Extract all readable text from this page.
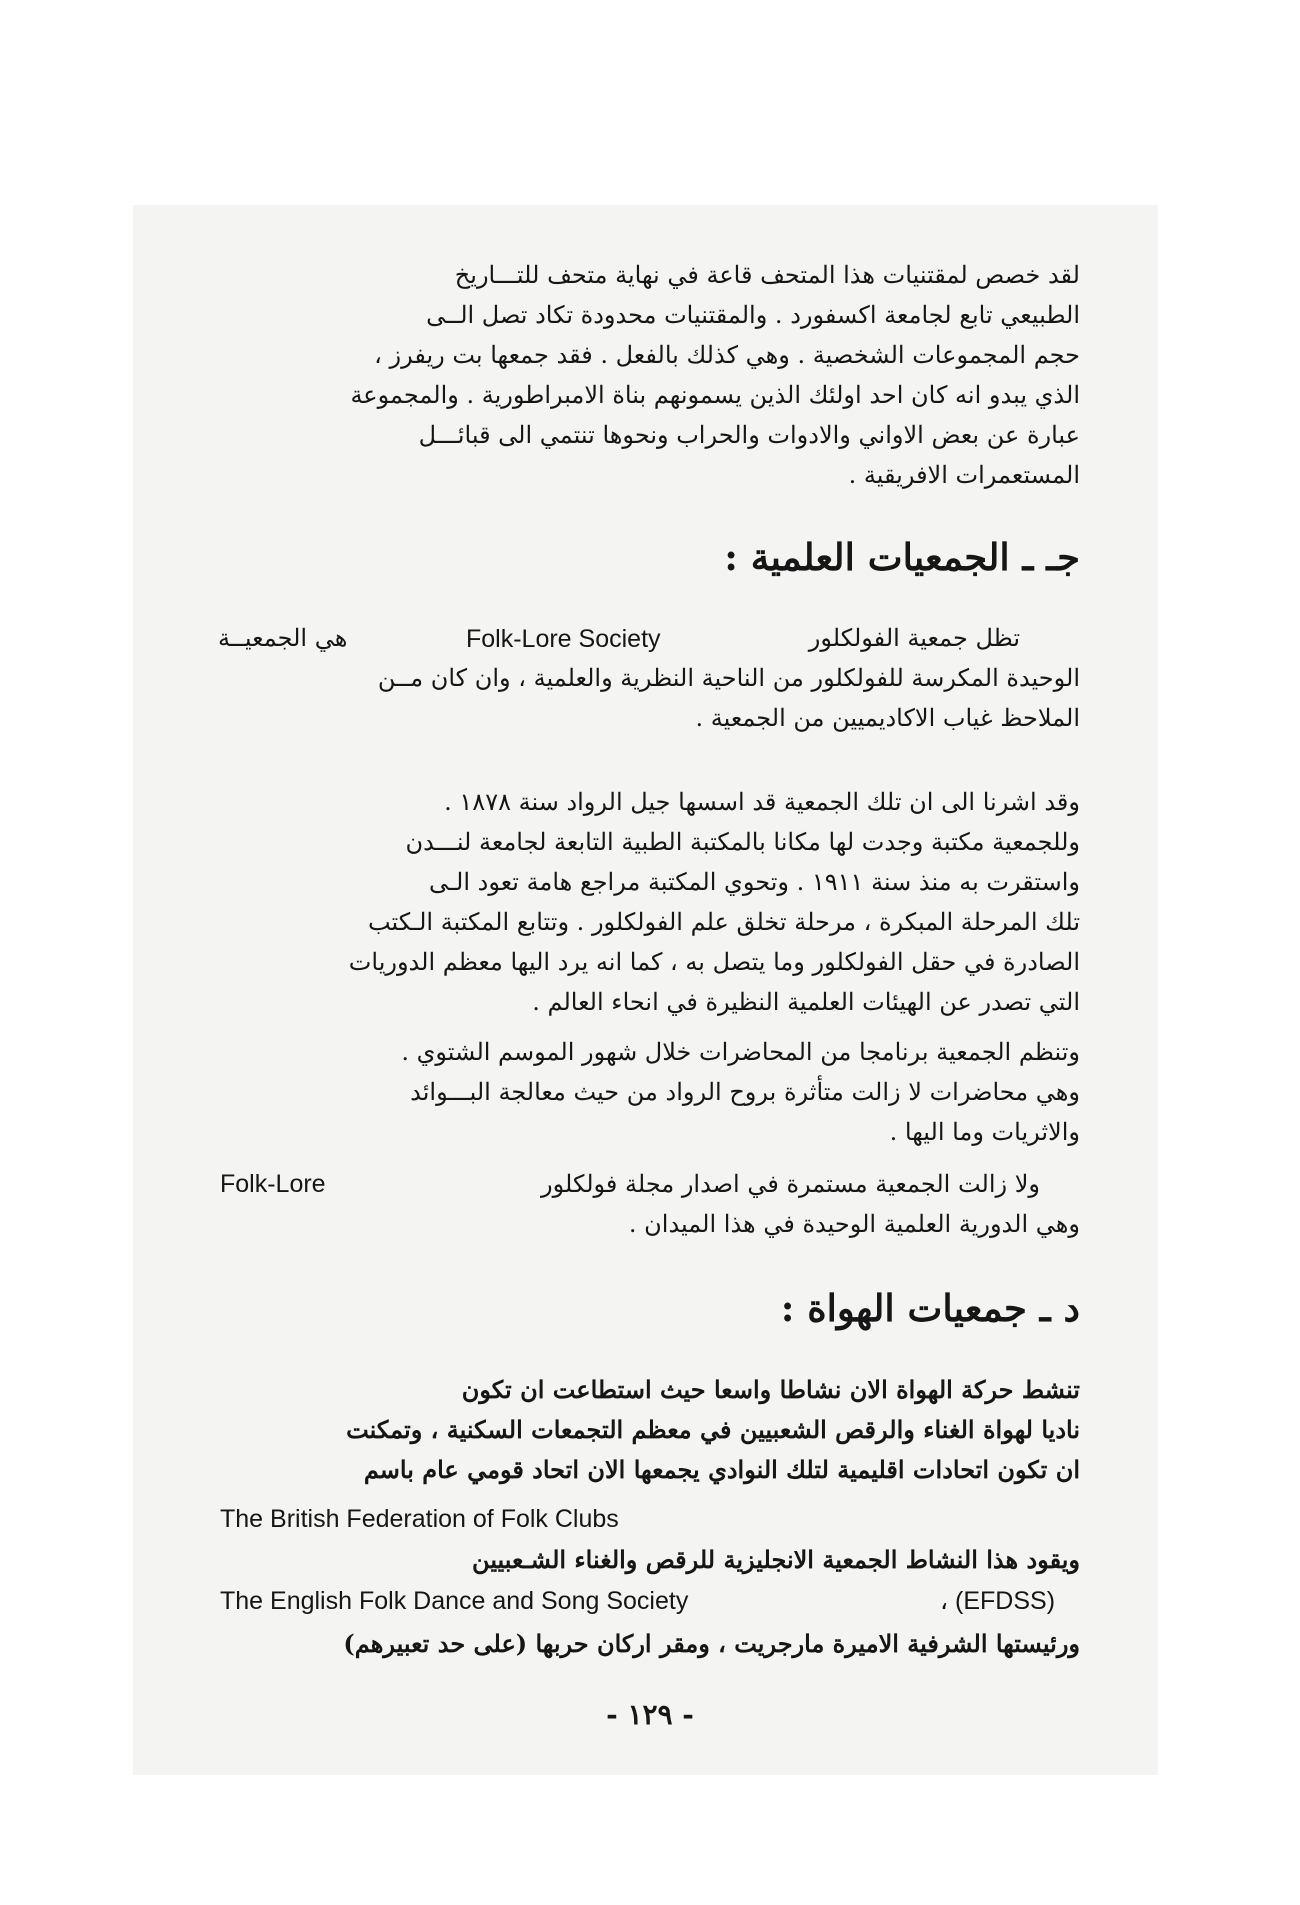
لقد خصص لمقتنيات هذا المتحف قاعة في نهاية متحف للتـــاريخ

الطبيعي تابع لجامعة اكسفورد . والمقتنيات محدودة تكاد تصل الــى

حجم المجموعات الشخصية . وهي كذلك بالفعل . فقد جمعها بت ريفرز ،

الذي يبدو انه كان احد اولئك الذين يسمونهم بناة الامبراطورية . والمجموعة

عبارة عن بعض الاواني والادوات والحراب ونحوها تنتمي الى قبائـــل

المستعمرات الافريقية .

جـ ـ الجمعيات العلمية :

تظل جمعية الفولكلور

Folk-Lore Society

هي الجمعيــة

الوحيدة المكرسة للفولكلور من الناحية النظرية والعلمية ، وان كان مــن

الملاحظ غياب الاكاديميين من الجمعية .

وقد اشرنا الى ان تلك الجمعية قد اسسها جيل الرواد سنة ١٨٧٨ .

وللجمعية مكتبة وجدت لها مكانا بالمكتبة الطبية التابعة لجامعة لنـــدن

واستقرت به منذ سنة ١٩١١ . وتحوي المكتبة مراجع هامة تعود الـى

تلك المرحلة المبكرة ، مرحلة تخلق علم الفولكلور . وتتابع المكتبة الـكتب

الصادرة في حقل الفولكلور وما يتصل به ، كما انه يرد اليها معظم الدوريات

التي تصدر عن الهيئات العلمية النظيرة في انحاء العالم .

وتنظم الجمعية برنامجا من المحاضرات خلال شهور الموسم الشتوي .

وهي محاضرات لا زالت متأثرة بروح الرواد من حيث معالجة البـــوائد

والاثريات وما اليها .

ولا زالت الجمعية مستمرة في اصدار مجلة فولكلور

Folk-Lore

وهي الدورية العلمية الوحيدة في هذا الميدان .

د ـ جمعيات الهواة :

تنشط حركة الهواة الان نشاطا واسعا حيث استطاعت ان تكون

ناديا لهواة الغناء والرقص الشعبيين في معظم التجمعات السكنية ، وتمكنت

ان تكون اتحادات اقليمية لتلك النوادي يجمعها الان اتحاد قومي عام باسم

The British Federation of Folk Clubs

ويقود هذا النشاط الجمعية الانجليزية للرقص والغناء الشـعبيين

The English Folk Dance and Song Society	، (EFDSS)

ورئيستها الشرفية الاميرة مارجريت ، ومقر اركان حربها (على حد تعبيرهم)

- ١٢٩ -
